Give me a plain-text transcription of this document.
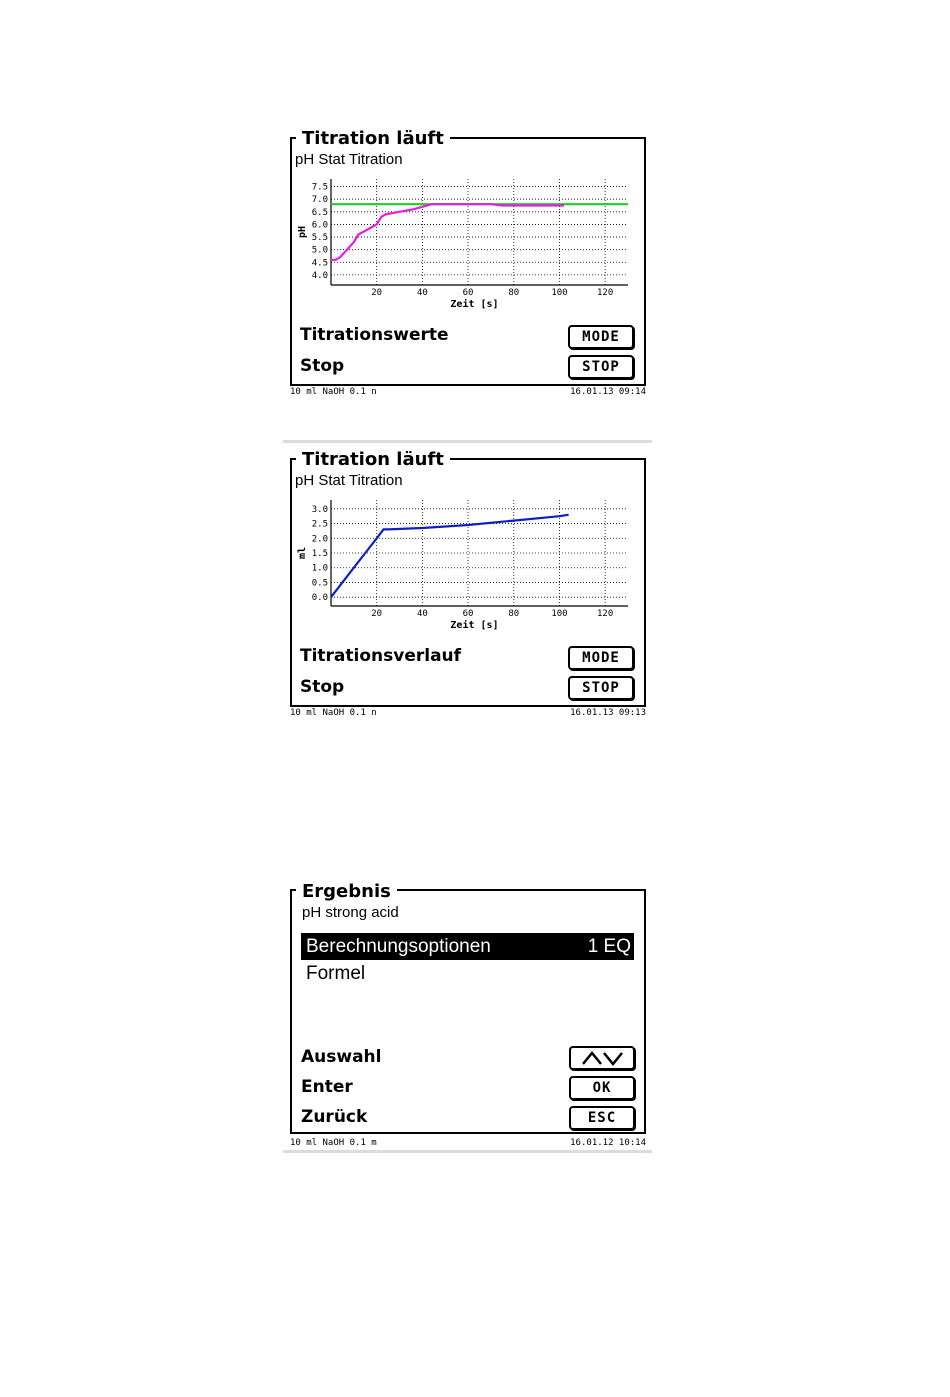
Titration läuft
pH Stat Titration
20	40	60	80	100	120
4.0
4.5
5.0
5.5
6.0
6.5
7.0
7.5
Zeit [s]
pH
Titrationswerte	MODE
Stop	STOP
10 ml NaOH 0.1 n	16.01.13 09:14
Titration läuft
pH Stat Titration
20	40	60	80	100	120
0.0
0.5
1.0
1.5
2.0
2.5
3.0
Zeit [s]
ml
Titrationsverlauf	MODE
Stop	STOP
10 ml NaOH 0.1 n	16.01.13 09:13
Ergebnis
pH strong acid
Berechnungsoptionen	1 EQ
Formel
Auswahl
Enter	OK
Zurück	ESC
10 ml NaOH 0.1 m	16.01.12 10:14
